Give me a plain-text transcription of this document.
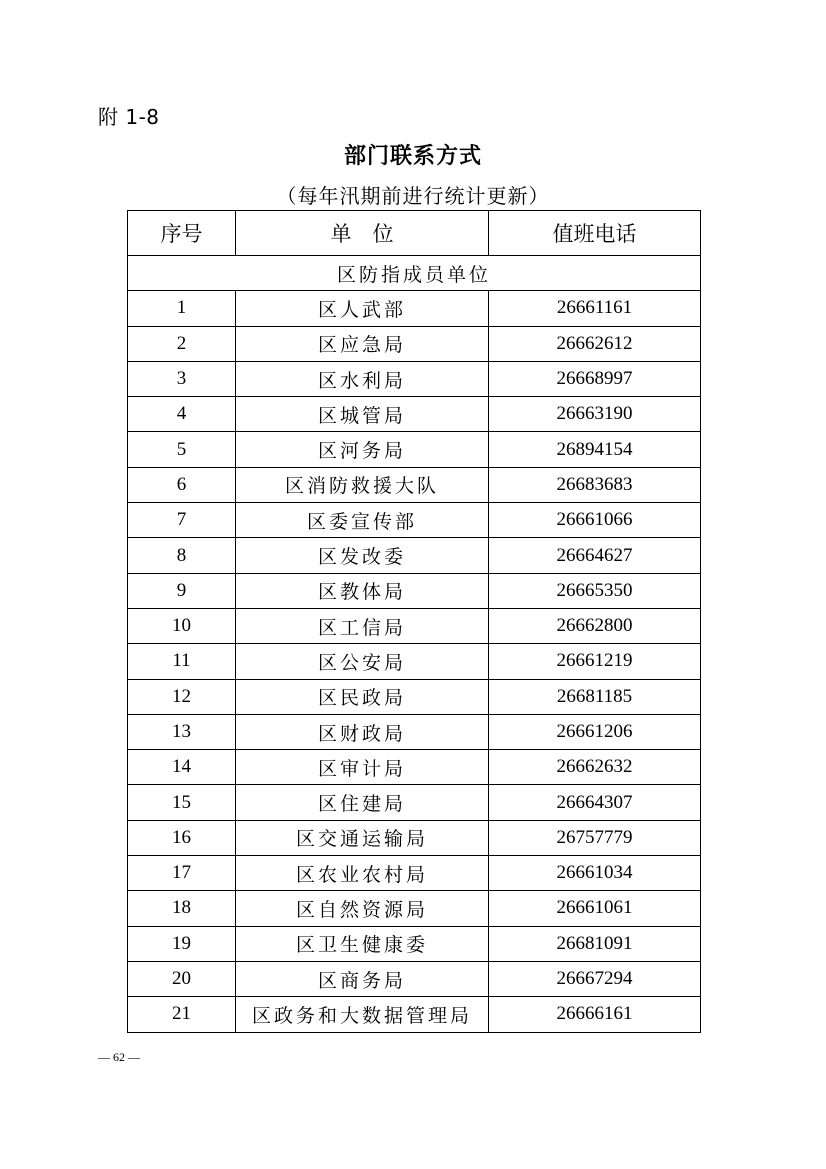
附 1-8
部门联系方式
（每年汛期前进行统计更新）
序号	单　位	值班电话
区防指成员单位		
1	区人武部	26661161
2	区应急局	26662612
3	区水利局	26668997
4	区城管局	26663190
5	区河务局	26894154
6	区消防救援大队	26683683
7	区委宣传部	26661066
8	区发改委	26664627
9	区教体局	26665350
10	区工信局	26662800
11	区公安局	26661219
12	区民政局	26681185
13	区财政局	26661206
14	区审计局	26662632
15	区住建局	26664307
16	区交通运输局	26757779
17	区农业农村局	26661034
18	区自然资源局	26661061
19	区卫生健康委	26681091
20	区商务局	26667294
21	区政务和大数据管理局	26666161
— 62 —
